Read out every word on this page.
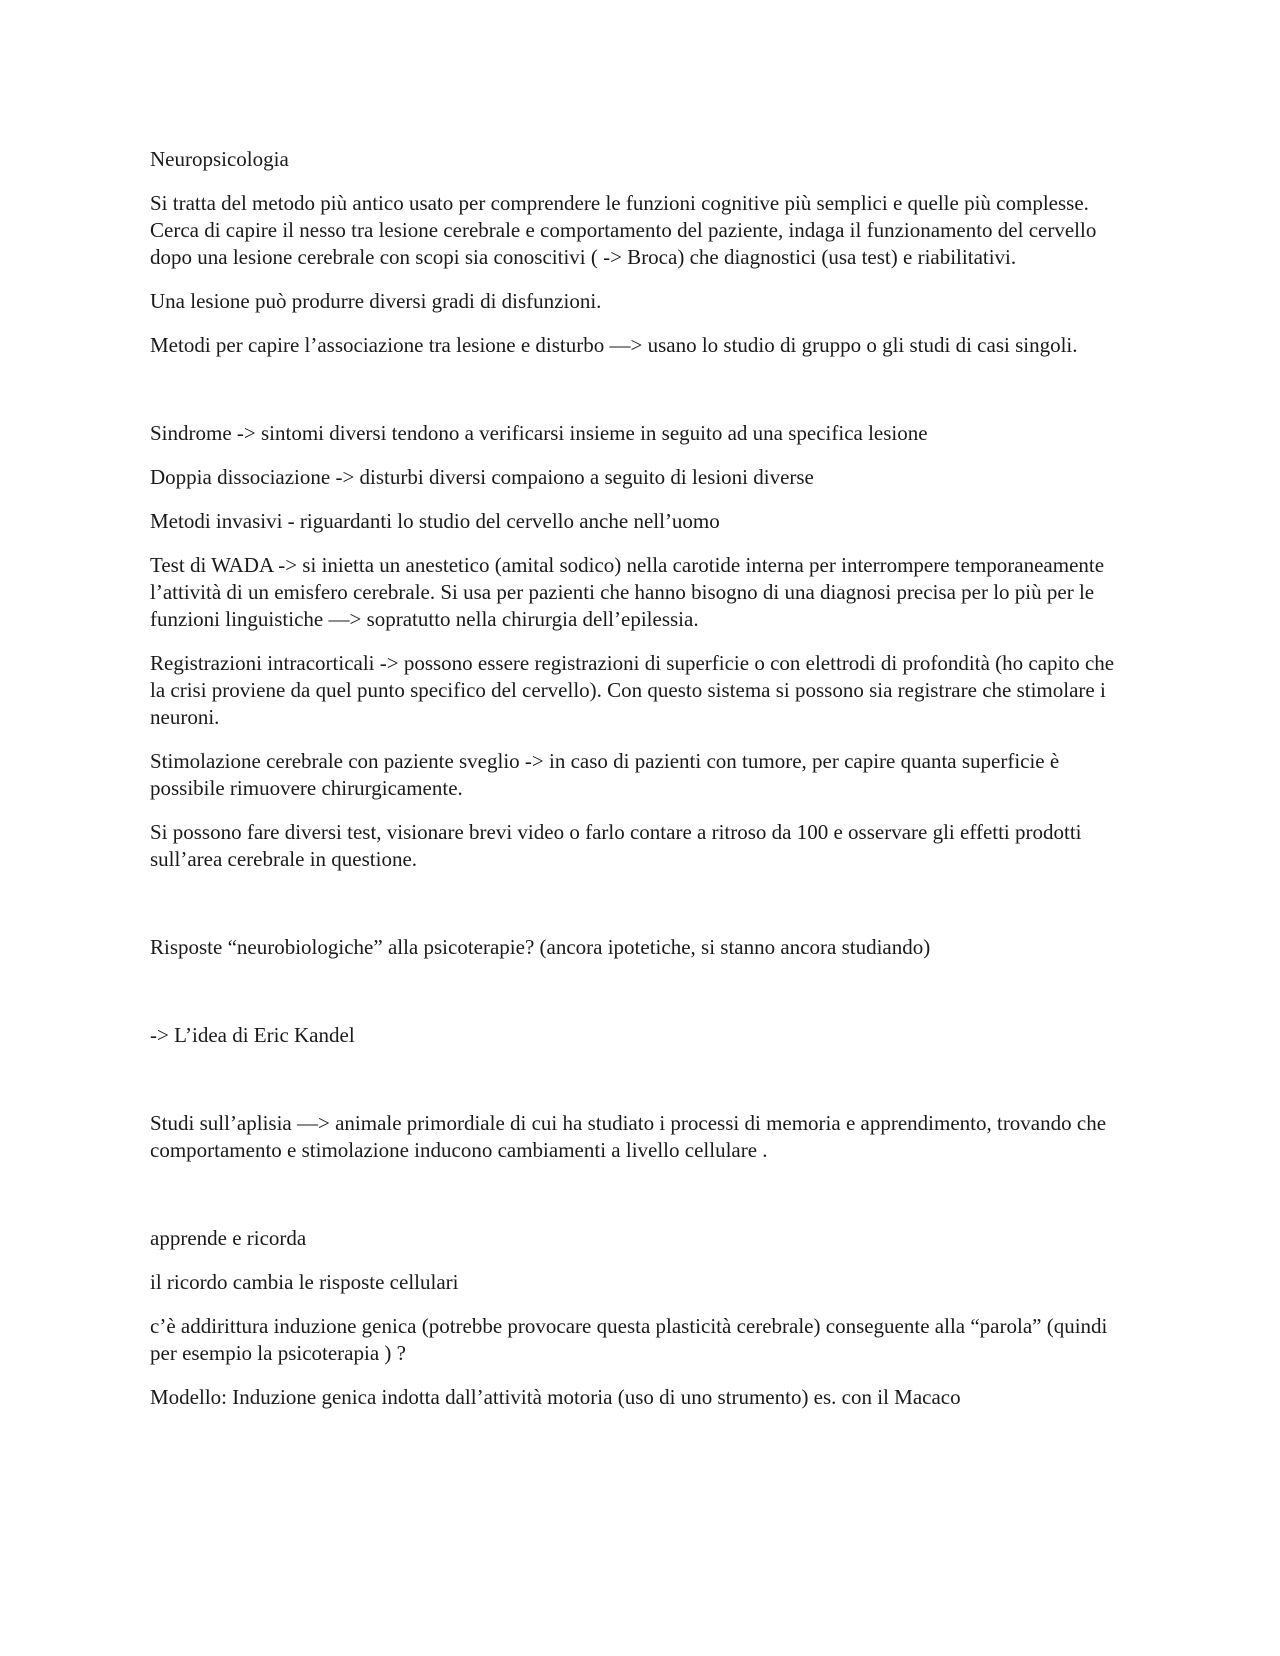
Neuropsicologia

Si tratta del metodo più antico usato per comprendere le funzioni cognitive più semplici e quelle più complesse. Cerca di capire il nesso tra lesione cerebrale e comportamento del paziente, indaga il funzionamento del cervello dopo una lesione cerebrale con scopi sia conoscitivi ( -> Broca) che diagnostici (usa test) e riabilitativi.

Una lesione può produrre diversi gradi di disfunzioni.

Metodi per capire l’associazione tra lesione e disturbo —> usano lo studio di gruppo o gli studi di casi singoli.

Sindrome -> sintomi diversi tendono a verificarsi insieme in seguito ad una specifica lesione

Doppia dissociazione -> disturbi diversi compaiono a seguito di lesioni diverse

Metodi invasivi - riguardanti lo studio del cervello anche nell’uomo

Test di WADA -> si inietta un anestetico (amital sodico) nella carotide interna per interrompere temporaneamente l’attività di un emisfero cerebrale. Si usa per pazienti che hanno bisogno di una diagnosi precisa per lo più per le funzioni linguistiche —> sopratutto nella chirurgia dell’epilessia.

Registrazioni intracorticali -> possono essere registrazioni di superficie o con elettrodi di profondità (ho capito che la crisi proviene da quel punto specifico del cervello). Con questo sistema si possono sia registrare che stimolare i neuroni.

Stimolazione cerebrale con paziente sveglio -> in caso di pazienti con tumore, per capire quanta superficie è possibile rimuovere chirurgicamente.

Si possono fare diversi test, visionare brevi video o farlo contare a ritroso da 100 e osservare gli effetti prodotti sull’area cerebrale in questione.

Risposte “neurobiologiche” alla psicoterapie? (ancora ipotetiche, si stanno ancora studiando)

-> L’idea di Eric Kandel

Studi sull’aplisia —> animale primordiale di cui ha studiato i processi di memoria e apprendimento, trovando che comportamento e stimolazione inducono cambiamenti a livello cellulare .

apprende e ricorda

il ricordo cambia le risposte cellulari

c’è addirittura induzione genica (potrebbe provocare questa plasticità cerebrale) conseguente alla “parola” (quindi per esempio la psicoterapia ) ?

Modello: Induzione genica indotta dall’attività motoria (uso di uno strumento) es. con il Macaco
